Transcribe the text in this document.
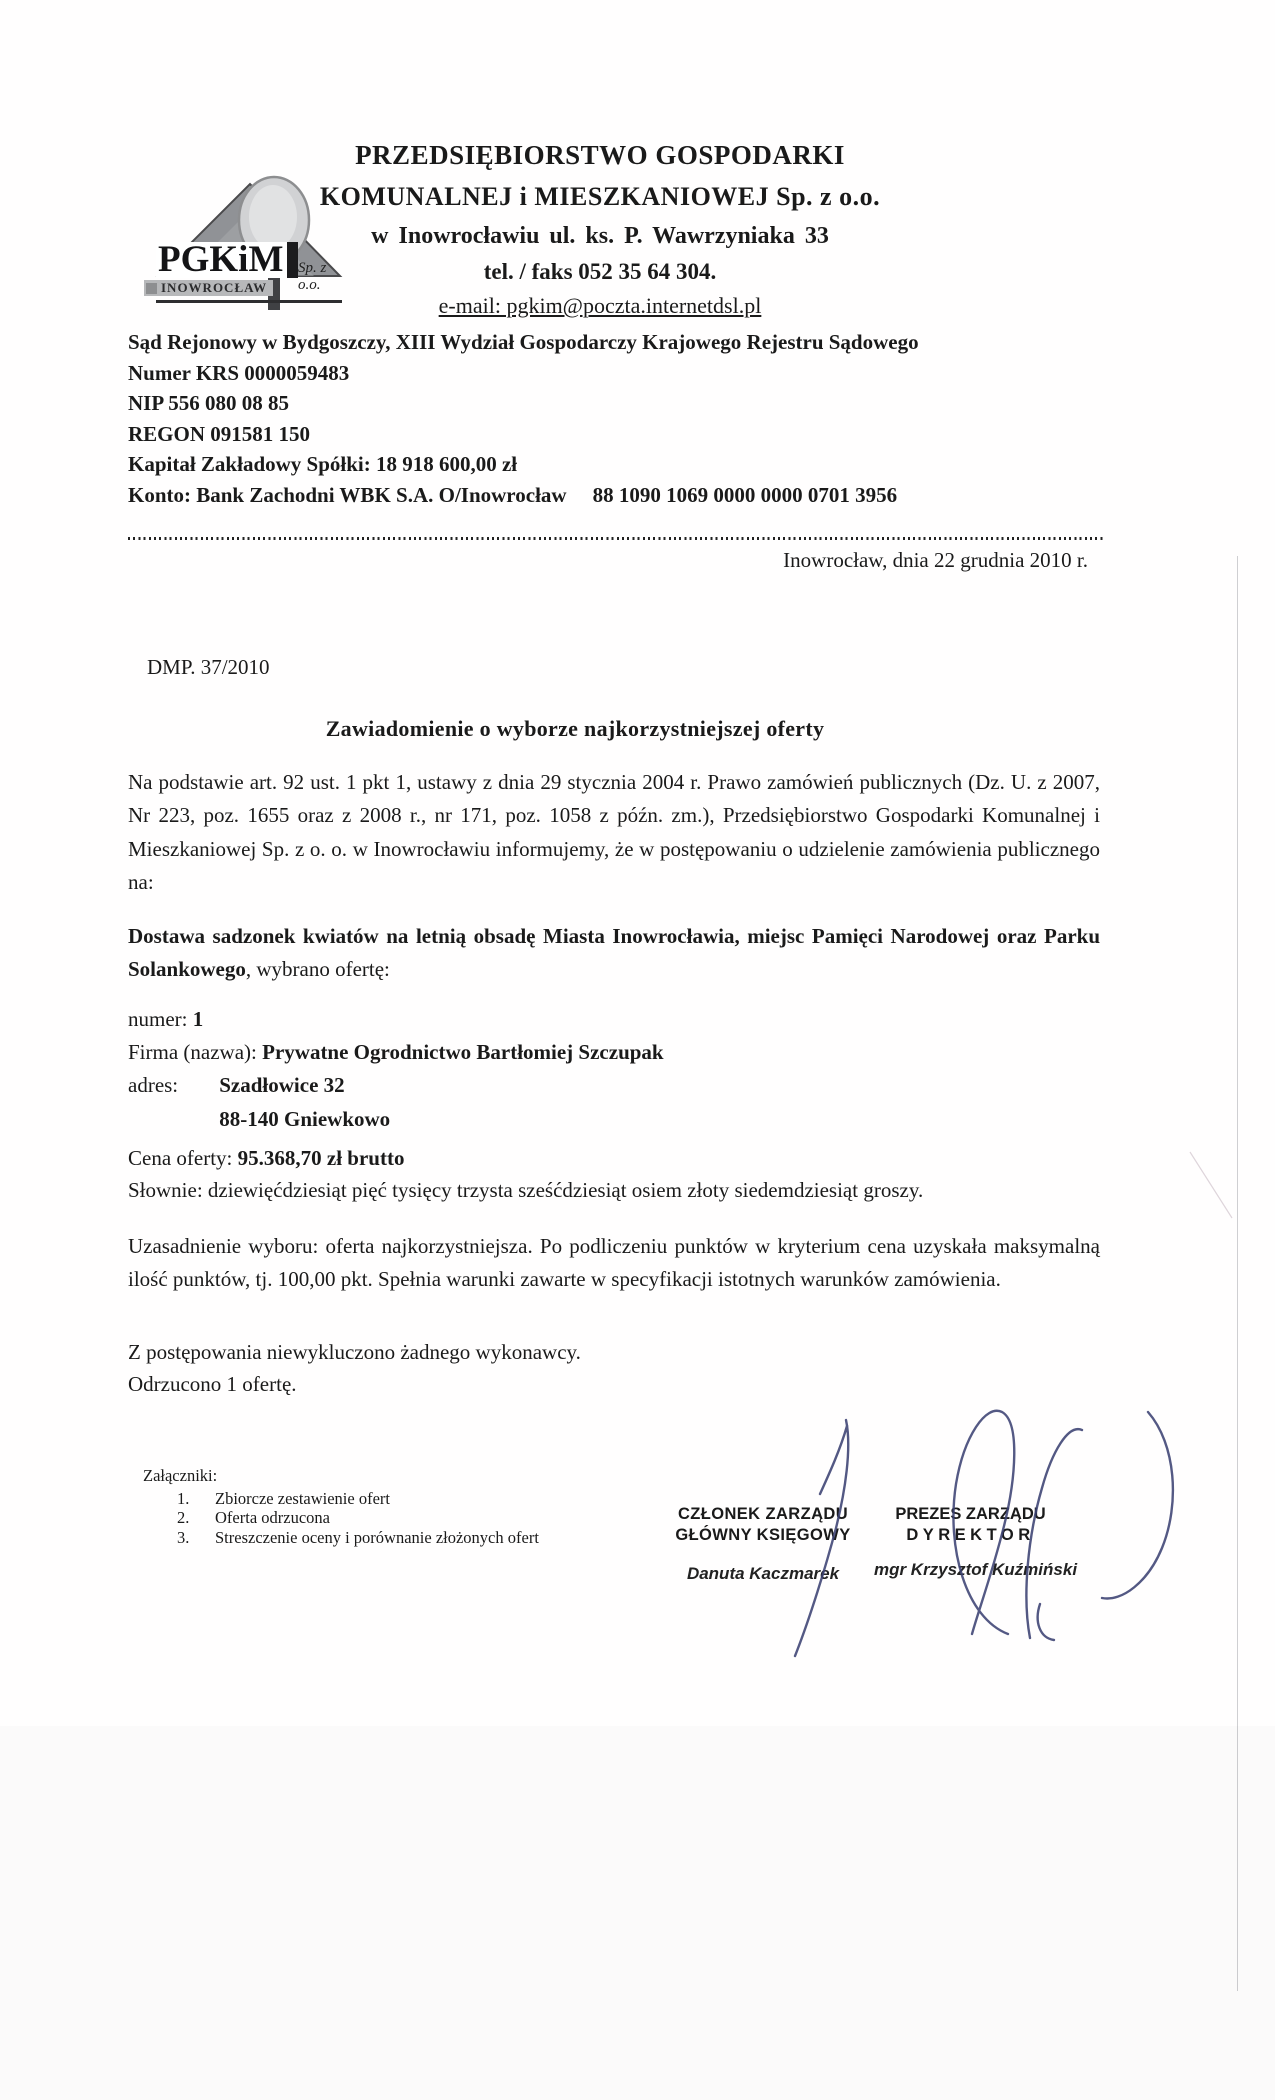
PGKiM Sp. z o.o.
INOWROCŁAW
PRZEDSIĘBIORSTWO GOSPODARKI
KOMUNALNEJ i MIESZKANIOWEJ Sp. z o.o.
w Inowrocławiu ul. ks. P. Wawrzyniaka 33
tel. / faks 052 35 64 304.
e-mail: pgkim@poczta.internetdsl.pl
Sąd Rejonowy w Bydgoszczy, XIII Wydział Gospodarczy Krajowego Rejestru Sądowego
Numer KRS 0000059483
NIP 556 080 08 85
REGON 091581 150
Kapitał Zakładowy Spółki: 18 918 600,00 zł
Konto: Bank Zachodni WBK S.A. O/Inowrocław 88 1090 1069 0000 0000 0701 3956
Inowrocław, dnia 22 grudnia 2010 r.
DMP. 37/2010
Zawiadomienie o wyborze najkorzystniejszej oferty
Na podstawie art. 92 ust. 1 pkt 1, ustawy z dnia 29 stycznia 2004 r. Prawo zamówień publicznych (Dz. U. z 2007, Nr 223, poz. 1655 oraz z 2008 r., nr 171, poz. 1058 z późn. zm.), Przedsiębiorstwo Gospodarki Komunalnej i Mieszkaniowej Sp. z o. o. w Inowrocławiu informujemy, że w postępowaniu o udzielenie zamówienia publicznego na:
Dostawa sadzonek kwiatów na letnią obsadę Miasta Inowrocławia, miejsc Pamięci Narodowej oraz Parku Solankowego, wybrano ofertę:
numer: 1
Firma (nazwa): Prywatne Ogrodnictwo Bartłomiej Szczupak
adres: Szadłowice 32
88-140 Gniewkowo
Cena oferty: 95.368,70 zł brutto
Słownie: dziewięćdziesiąt pięć tysięcy trzysta sześćdziesiąt osiem złoty siedemdziesiąt groszy.
Uzasadnienie wyboru: oferta najkorzystniejsza. Po podliczeniu punktów w kryterium cena uzyskała maksymalną ilość punktów, tj. 100,00 pkt. Spełnia warunki zawarte w specyfikacji istotnych warunków zamówienia.
Z postępowania niewykluczono żadnego wykonawcy.
Odrzucono 1 ofertę.
Załączniki:
1. Zbiorcze zestawienie ofert
2. Oferta odrzucona
3. Streszczenie oceny i porównanie złożonych ofert
CZŁONEK ZARZĄDU
GŁÓWNY KSIĘGOWY
Danuta Kaczmarek
PREZES ZARZĄDU
DYREKTOR
mgr Krzysztof Kuźmiński
